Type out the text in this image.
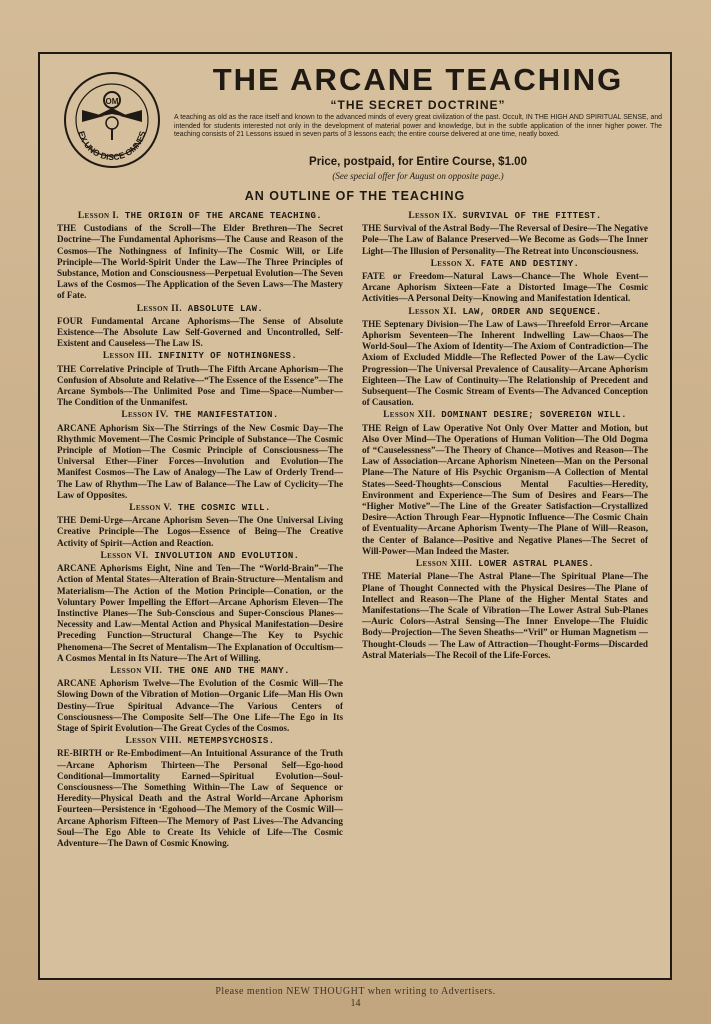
EX UNO DISCE OMNES
OM
THE ARCANE TEACHING
“THE SECRET DOCTRINE”
A teaching as old as the race itself and known to the advanced minds of every great civilization of the past. Occult, IN THE HIGH AND SPIRITUAL SENSE, and intended for students interested not only in the development of material power and knowledge, but in the subtle application of the inner higher power. The teaching consists of 21 Lessons issued in seven parts of 3 lessons each; the entire course delivered at one time, neatly boxed.
Price, postpaid, for Entire Course, $1.00
(See special offer for August on opposite page.)
AN OUTLINE OF THE TEACHING
Lesson I. THE ORIGIN OF THE ARCANE TEACHING.
THE Custodians of the Scroll—The Elder Brethren—The Secret Doctrine—The Fundamental Aphorisms—The Cause and Reason of the Cosmos—The Nothingness of Infinity—The Cosmic Will, or Life Principle—The World-Spirit Under the Law—The Three Principles of Substance, Motion and Consciousness—Perpetual Evolution—The Seven Laws of the Cosmos—The Application of the Seven Laws—The Mastery of Fate.
Lesson II. ABSOLUTE LAW.
FOUR Fundamental Arcane Aphorisms—The Sense of Absolute Existence—The Absolute Law Self-Governed and Uncontrolled, Self-Existent and Causeless—The Law IS.
Lesson III. INFINITY OF NOTHINGNESS.
THE Correlative Principle of Truth—The Fifth Arcane Aphorism—The Confusion of Absolute and Relative—“The Essence of the Essence”—The Arcane Symbols—The Unlimited Pose and Time—Space—Number—The Condition of the Unmanifest.
Lesson IV. THE MANIFESTATION.
ARCANE Aphorism Six—The Stirrings of the New Cosmic Day—The Rhythmic Movement—The Cosmic Principle of Substance—The Cosmic Principle of Motion—The Cosmic Principle of Consciousness—The Universal Ether—Finer Forces—Involution and Evolution—The Manifest Cosmos—The Law of Analogy—The Law of Orderly Trend—The Law of Rhythm—The Law of Balance—The Law of Cyclicity—The Law of Opposites.
Lesson V. THE COSMIC WILL.
THE Demi-Urge—Arcane Aphorism Seven—The One Universal Living Creative Principle—The Logos—Essence of Being—The Creative Activity of Spirit—Action and Reaction.
Lesson VI. INVOLUTION AND EVOLUTION.
ARCANE Aphorisms Eight, Nine and Ten—The “World-Brain”—The Action of Mental States—Alteration of Brain-Structure—Mentalism and Materialism—The Action of the Motion Principle—Conation, or the Voluntary Power Impelling the Effort—Arcane Aphorism Eleven—The Instinctive Planes—The Sub-Conscious and Super-Conscious Planes—Necessity and Law—Mental Action and Physical Manifestation—Desire Preceding Function—Structural Change—The Key to Psychic Phenomena—The Secret of Mentalism—The Explanation of Occultism—A Cosmos Mental in Its Nature—The Art of Willing.
Lesson VII. THE ONE AND THE MANY.
ARCANE Aphorism Twelve—The Evolution of the Cosmic Will—The Slowing Down of the Vibration of Motion—Organic Life—Man His Own Destiny—True Spiritual Advance—The Various Centers of Consciousness—The Composite Self—The One Life—The Ego in Its Stage of Spirit Evolution—The Great Cycles of the Cosmos.
Lesson VIII. METEMPSYCHOSIS.
RE-BIRTH or Re-Embodiment—An Intuitional Assurance of the Truth—Arcane Aphorism Thirteen—The Personal Self—Ego-hood Conditional—Immortality Earned—Spiritual Evolution—Soul-Consciousness—The Something Within—The Law of Sequence or Heredity—Physical Death and the Astral World—Arcane Aphorism Fourteen—Persistence in ‘Egohood—The Memory of the Cosmic Will—Arcane Aphorism Fifteen—The Memory of Past Lives—The Advancing Soul—The Ego Able to Create Its Vehicle of Life—The Cosmic Adventure—The Dawn of Cosmic Knowing.
Lesson IX. SURVIVAL OF THE FITTEST.
THE Survival of the Astral Body—The Reversal of Desire—The Negative Pole—The Law of Balance Preserved—We Become as Gods—The Inner Light—The Illusion of Personality—The Retreat into Unconsciousness.
Lesson X. FATE AND DESTINY.
FATE or Freedom—Natural Laws—Chance—The Whole Event—Arcane Aphorism Sixteen—Fate a Distorted Image—The Cosmic Activities—A Personal Deity—Knowing and Manifestation Identical.
Lesson XI. LAW, ORDER AND SEQUENCE.
THE Septenary Division—The Law of Laws—Threefold Error—Arcane Aphorism Seventeen—The Inherent Indwelling Law—Chaos—The World-Soul—The Axiom of Identity—The Axiom of Contradiction—The Axiom of Excluded Middle—The Reflected Power of the Law—Cyclic Progression—The Universal Prevalence of Causality—Arcane Aphorism Eighteen—The Law of Continuity—The Relationship of Precedent and Subsequent—The Cosmic Stream of Events—The Advanced Conception of Causation.
Lesson XII. DOMINANT DESIRE; SOVEREIGN WILL.
THE Reign of Law Operative Not Only Over Matter and Motion, but Also Over Mind—The Operations of Human Volition—The Old Dogma of “Causelessness”—The Theory of Chance—Motives and Reason—The Law of Association—Arcane Aphorism Nineteen—Man on the Personal Plane—The Nature of His Psychic Organism—A Collection of Mental States—Seed-Thoughts—Conscious Mental Faculties—Heredity, Environment and Experience—The Sum of Desires and Fears—The “Higher Motive”—The Line of the Greater Satisfaction—Crystallized Desire—Action Through Fear—Hypnotic Influence—The Cosmic Chain of Eventuality—Arcane Aphorism Twenty—The Plane of Will—Reason, the Center of Balance—Positive and Negative Planes—The Secret of Will-Power—Man Indeed the Master.
Lesson XIII. LOWER ASTRAL PLANES.
THE Material Plane—The Astral Plane—The Spiritual Plane—The Plane of Thought Connected with the Physical Desires—The Plane of Intellect and Reason—The Plane of the Higher Mental States and Manifestations—The Scale of Vibration—The Lower Astral Sub-Planes—Auric Colors—Astral Sensing—The Inner Envelope—The Fluidic Body—Projection—The Seven Sheaths—“Vril” or Human Magnetism — Thought-Clouds — The Law of Attraction—Thought-Forms—Discarded Astral Materials—The Recoil of the Life-Forces.
Please mention NEW THOUGHT when writing to Advertisers.
14
